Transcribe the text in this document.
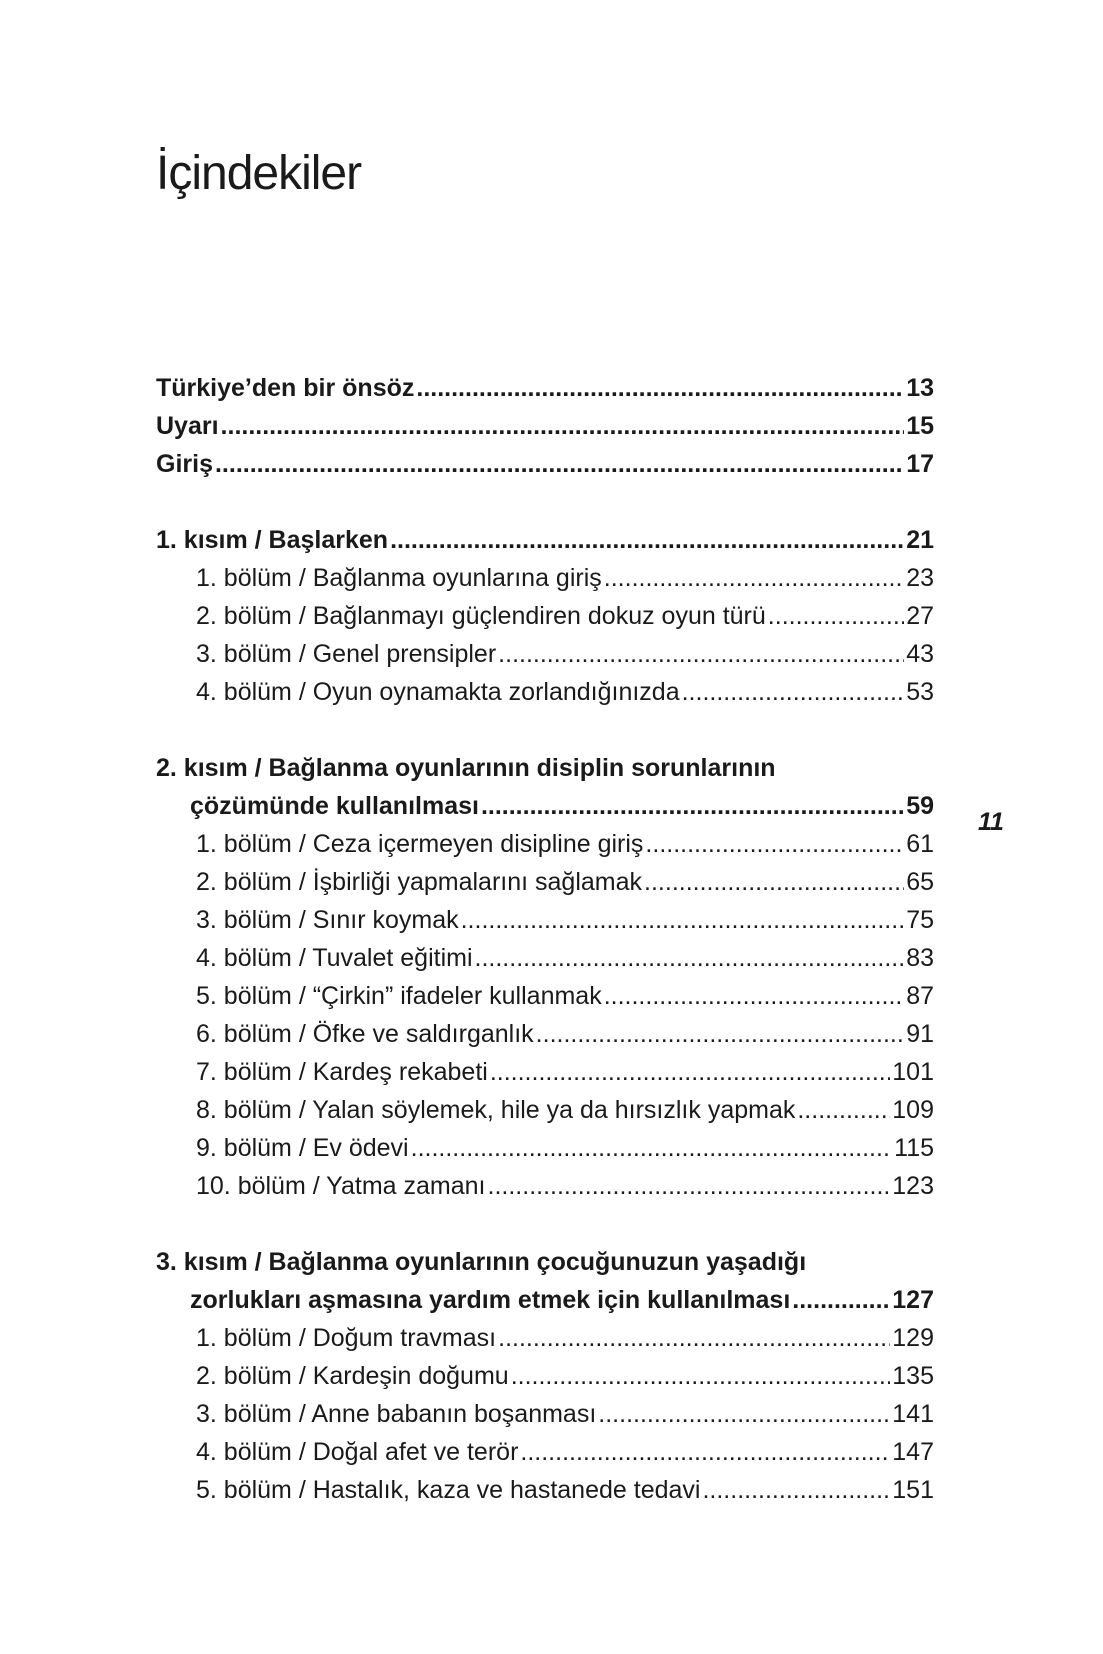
İçindekiler
11
Türkiye’den bir önsöz .....	13
Uyarı .....	15
Giriş .....	17
1. kısım / Başlarken .....	21
1. bölüm / Bağlanma oyunlarına giriş .....	23
2. bölüm / Bağlanmayı güçlendiren dokuz oyun türü .....	27
3. bölüm / Genel prensipler .....	43
4. bölüm / Oyun oynamakta zorlandığınızda .....	53
2. kısım / Bağlanma oyunlarının disiplin sorunlarının
çözümünde kullanılması .....	59
1. bölüm / Ceza içermeyen disipline giriş .....	61
2. bölüm / İşbirliği yapmalarını sağlamak .....	65
3. bölüm / Sınır koymak .....	75
4. bölüm / Tuvalet eğitimi .....	83
5. bölüm / “Çirkin” ifadeler kullanmak .....	87
6. bölüm / Öfke ve saldırganlık .....	91
7. bölüm / Kardeş rekabeti .....	101
8. bölüm / Yalan söylemek, hile ya da hırsızlık yapmak .....	109
9. bölüm / Ev ödevi .....	115
10. bölüm / Yatma zamanı .....	123
3. kısım / Bağlanma oyunlarının çocuğunuzun yaşadığı
zorlukları aşmasına yardım etmek için kullanılması .....	127
1. bölüm / Doğum travması .....	129
2. bölüm / Kardeşin doğumu .....	135
3. bölüm / Anne babanın boşanması .....	141
4. bölüm / Doğal afet ve terör .....	147
5. bölüm / Hastalık, kaza ve hastanede tedavi .....	151
